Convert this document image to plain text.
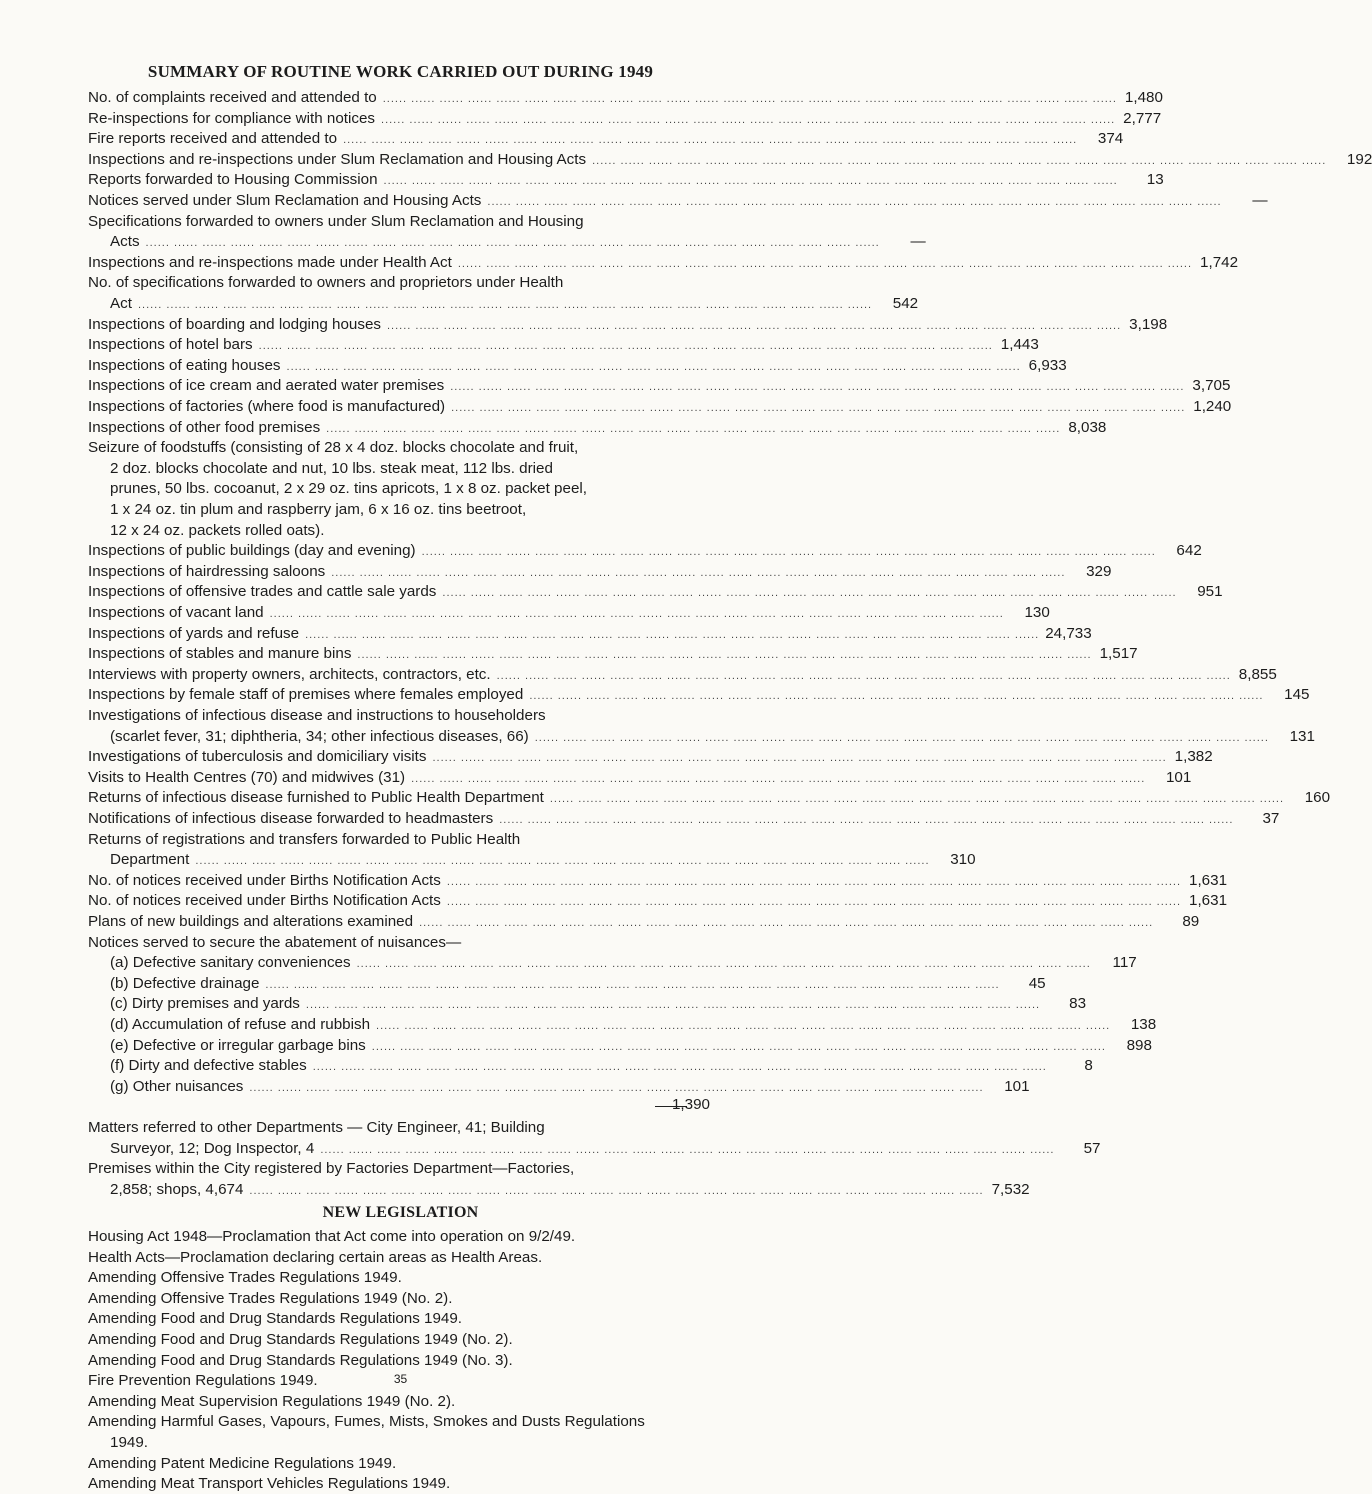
SUMMARY OF ROUTINE WORK CARRIED OUT DURING 1949
No. of complaints received and attended to .....	1,480
Re-inspections for compliance with notices .....	2,777
Fire reports received and attended to .....	374
Inspections and re-inspections under Slum Reclamation and Housing Acts .....	192
Reports forwarded to Housing Commission .....	13
Notices served under Slum Reclamation and Housing Acts .....	—
Specifications forwarded to owners under Slum Reclamation and Housing
Acts .....	—
Inspections and re-inspections made under Health Act .....	1,742
No. of specifications forwarded to owners and proprietors under Health
Act .....	542
Inspections of boarding and lodging houses .....	3,198
Inspections of hotel bars .....	1,443
Inspections of eating houses .....	6,933
Inspections of ice cream and aerated water premises .....	3,705
Inspections of factories (where food is manufactured) .....	1,240
Inspections of other food premises .....	8,038
Seizure of foodstuffs (consisting of 28 x 4 doz. blocks chocolate and fruit,
2 doz. blocks chocolate and nut, 10 lbs. steak meat, 112 lbs. dried
prunes, 50 lbs. cocoanut, 2 x 29 oz. tins apricots, 1 x 8 oz. packet peel,
1 x 24 oz. tin plum and raspberry jam, 6 x 16 oz. tins beetroot,
12 x 24 oz. packets rolled oats).
Inspections of public buildings (day and evening) .....	642
Inspections of hairdressing saloons .....	329
Inspections of offensive trades and cattle sale yards .....	951
Inspections of vacant land .....	130
Inspections of yards and refuse .....	24,733
Inspections of stables and manure bins .....	1,517
Interviews with property owners, architects, contractors, etc. .....	8,855
Inspections by female staff of premises where females employed .....	145
Investigations of infectious disease and instructions to householders
(scarlet fever, 31; diphtheria, 34; other infectious diseases, 66) .....	131
Investigations of tuberculosis and domiciliary visits .....	1,382
Visits to Health Centres (70) and midwives (31) .....	101
Returns of infectious disease furnished to Public Health Department .....	160
Notifications of infectious disease forwarded to headmasters .....	37
Returns of registrations and transfers forwarded to Public Health
Department .....	310
No. of notices received under Births Notification Acts .....	1,631
No. of notices received under Births Notification Acts .....	1,631
Plans of new buildings and alterations examined .....	89
Notices served to secure the abatement of nuisances—
(a) Defective sanitary conveniences .....	117
(b) Defective drainage .....	45
(c) Dirty premises and yards .....	83
(d) Accumulation of refuse and rubbish .....	138
(e) Defective or irregular garbage bins .....	898
(f) Dirty and defective stables .....	8
(g) Other nuisances .....	101
1,390
Matters referred to other Departments — City Engineer, 41; Building
Surveyor, 12; Dog Inspector, 4 .....	57
Premises within the City registered by Factories Department—Factories,
2,858; shops, 4,674 .....	7,532
NEW LEGISLATION
Housing Act 1948—Proclamation that Act come into operation on 9/2/49.
Health Acts—Proclamation declaring certain areas as Health Areas.
Amending Offensive Trades Regulations 1949.
Amending Offensive Trades Regulations 1949 (No. 2).
Amending Food and Drug Standards Regulations 1949.
Amending Food and Drug Standards Regulations 1949 (No. 2).
Amending Food and Drug Standards Regulations 1949 (No. 3).
Fire Prevention Regulations 1949.
Amending Meat Supervision Regulations 1949 (No. 2).
Amending Harmful Gases, Vapours, Fumes, Mists, Smokes and Dusts Regulations
1949.
Amending Patent Medicine Regulations 1949.
Amending Meat Transport Vehicles Regulations 1949.
35
